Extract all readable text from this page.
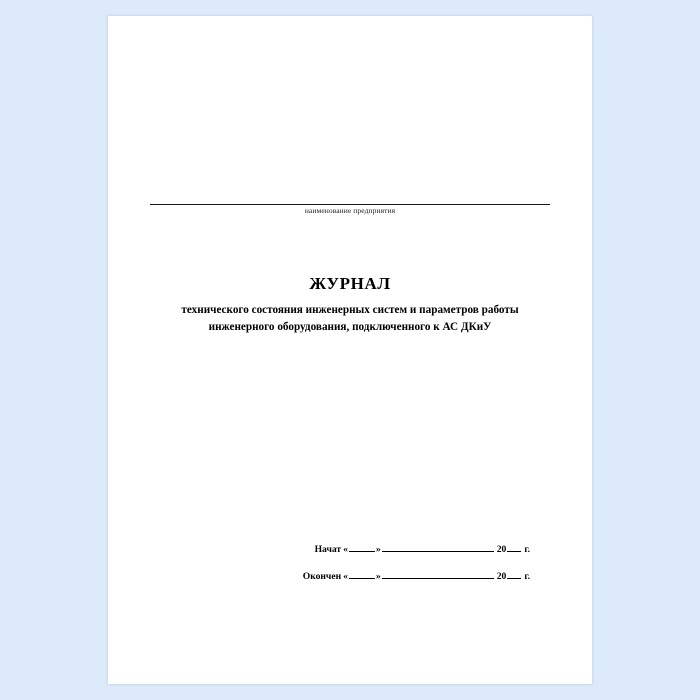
наименование предприятия
ЖУРНАЛ
технического состояния инженерных систем и параметров работы
инженерного оборудования, подключенного к АС ДКиУ
Начат «	»	20 г.
Окончен «	»	20 г.
